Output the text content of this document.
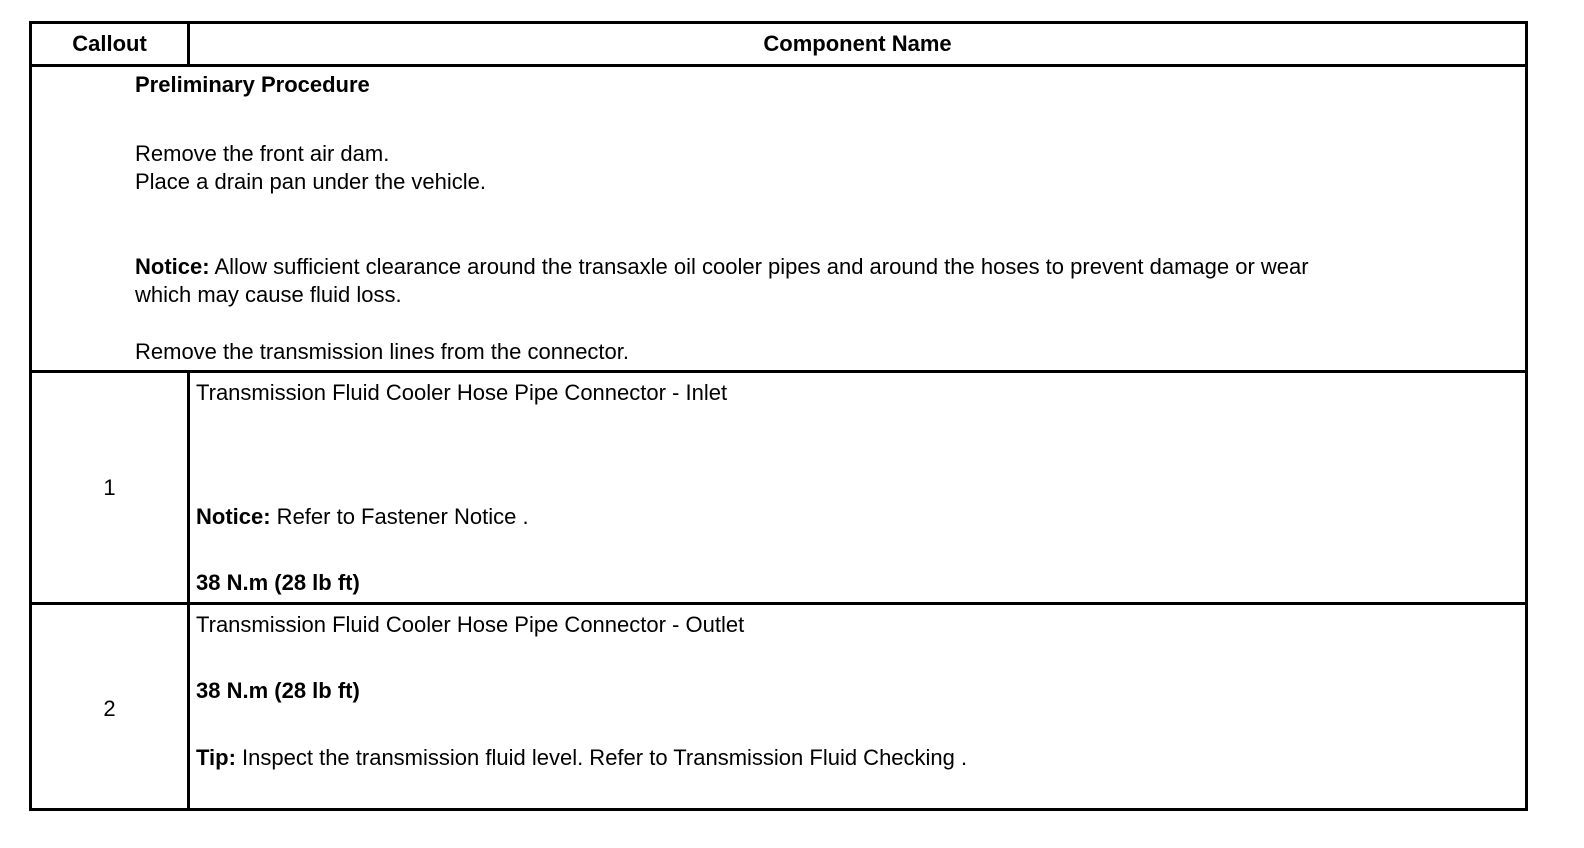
Callout	Component Name
Preliminary Procedure
Remove the front air dam.
Place a drain pan under the vehicle.
Notice: Allow sufficient clearance around the transaxle oil cooler pipes and around the hoses to prevent damage or wear
which may cause fluid loss.
Remove the transmission lines from the connector.
1
Transmission Fluid Cooler Hose Pipe Connector - Inlet
Notice: Refer to Fastener Notice .
38 N.m (28 lb ft)
2
Transmission Fluid Cooler Hose Pipe Connector - Outlet
38 N.m (28 lb ft)
Tip: Inspect the transmission fluid level. Refer to Transmission Fluid Checking .
